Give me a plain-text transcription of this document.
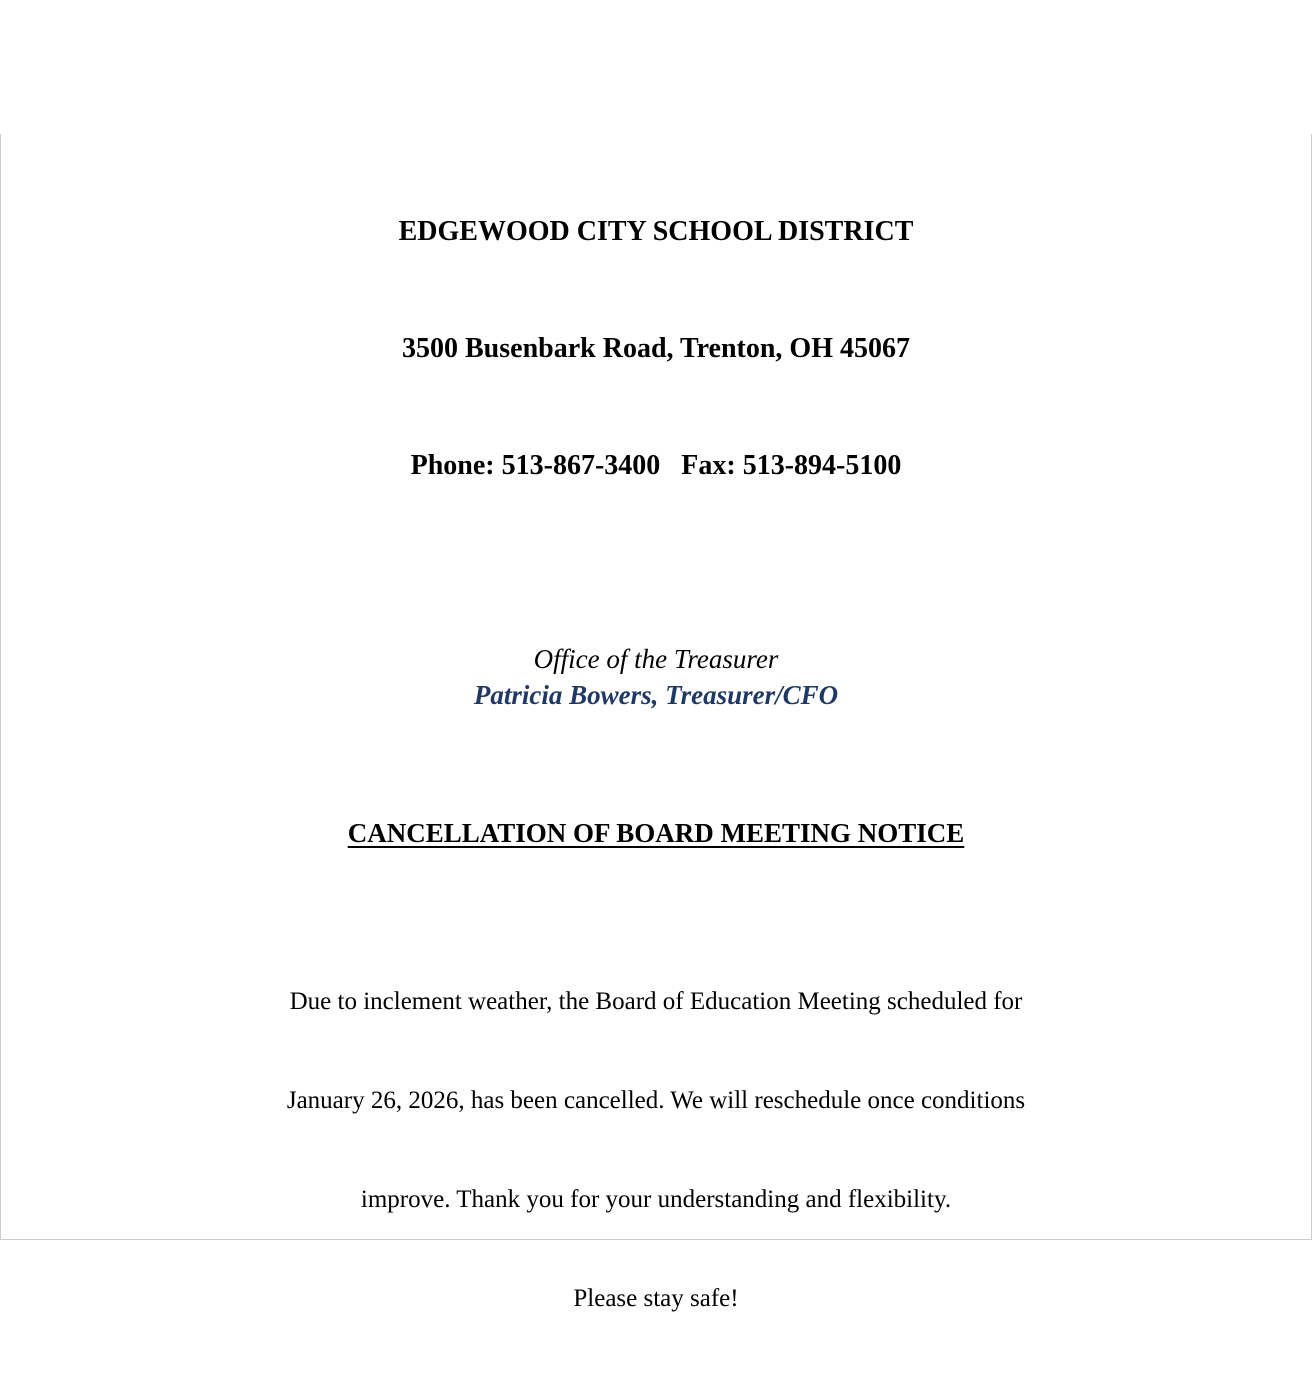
EDGEWOOD CITY SCHOOL DISTRICT

3500 Busenbark Road, Trenton, OH 45067

Phone: 513-867-3400   Fax: 513-894-5100

Office of the Treasurer
Patricia Bowers, Treasurer/CFO
CANCELLATION OF BOARD MEETING NOTICE

Due to inclement weather, the Board of Education Meeting scheduled for

January 26, 2026, has been cancelled. We will reschedule once conditions

improve. Thank you for your understanding and flexibility.

Please stay safe!
